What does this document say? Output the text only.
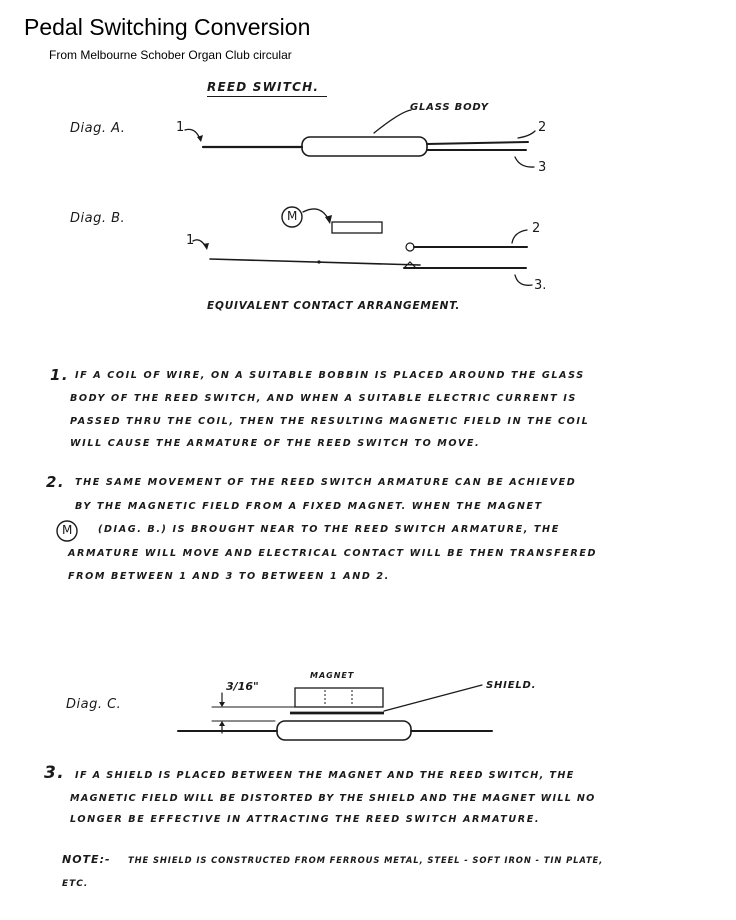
Pedal Switching Conversion
From Melbourne Schober Organ Club circular
REED SWITCH.
Diag. A.
GLASS BODY
1	2
3
Diag. B.	M
1
2
3.
EQUIVALENT CONTACT ARRANGEMENT.
1. IF A COIL OF WIRE, ON A SUITABLE BOBBIN IS PLACED AROUND THE GLASS
BODY OF THE REED SWITCH, AND WHEN A SUITABLE ELECTRIC CURRENT IS
PASSED THRU THE COIL, THEN THE RESULTING MAGNETIC FIELD IN THE COIL
WILL CAUSE THE ARMATURE OF THE REED SWITCH TO MOVE.
2. THE SAME MOVEMENT OF THE REED SWITCH ARMATURE CAN BE ACHIEVED
BY THE MAGNETIC FIELD FROM A FIXED MAGNET. WHEN THE MAGNET
M	(DIAG. B.) IS BROUGHT NEAR TO THE REED SWITCH ARMATURE, THE
ARMATURE WILL MOVE AND ELECTRICAL CONTACT WILL BE THEN TRANSFERED
FROM BETWEEN 1 AND 3 TO BETWEEN 1 AND 2.
Diag. C.
MAGNET
SHIELD.
3/16"
3. IF A SHIELD IS PLACED BETWEEN THE MAGNET AND THE REED SWITCH, THE
MAGNETIC FIELD WILL BE DISTORTED BY THE SHIELD AND THE MAGNET WILL NO
LONGER BE EFFECTIVE IN ATTRACTING THE REED SWITCH ARMATURE.
NOTE:- THE SHIELD IS CONSTRUCTED FROM FERROUS METAL, STEEL - SOFT IRON - TIN PLATE,
ETC.
